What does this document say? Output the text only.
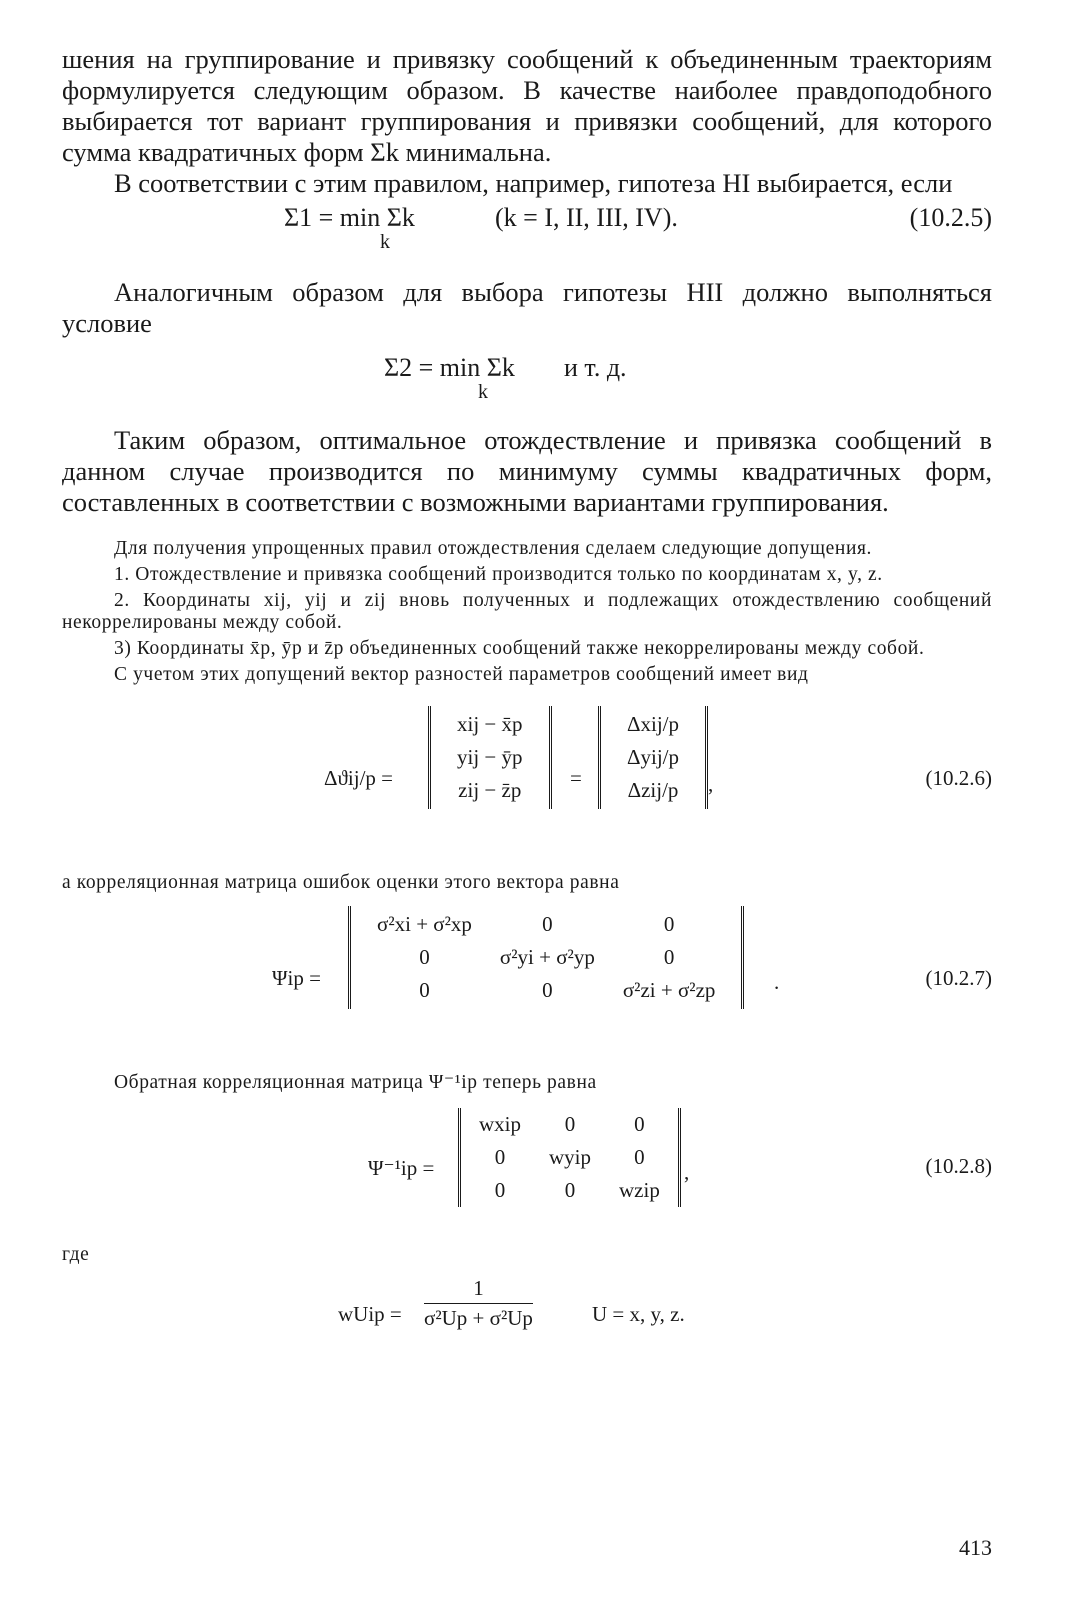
шения на группирование и привязку сообщений к объединенным траекториям формулируется следующим образом. В качестве наиболее правдоподобного выбирается тот вариант группирования и привязки сообщений, для которого сумма квадратичных форм Σk минимальна.

В соответствии с этим правилом, например, гипотеза HI выбирается, если

Σ1 = min Σk
k
(k = I, II, III, IV).	(10.2.5)

Аналогичным образом для выбора гипотезы HII должно выполняться условие

Σ2 = min Σk
k
и т. д.

Таким образом, оптимальное отождествление и привязка сообщений в данном случае производится по минимуму суммы квадратичных форм, составленных в соответствии с возможными вариантами группирования.

Для получения упрощенных правил отождествления сделаем следующие допущения.

1. Отождествление и привязка сообщений производится только по координатам x, y, z.

2. Координаты xij, yij и zij вновь полученных и подлежащих отождествлению сообщений некоррелированы между собой.

3) Координаты x̄p, ȳp и z̄p объединенных сообщений также некоррелированы между собой.

С учетом этих допущений вектор разностей параметров сообщений имеет вид

Δϑij/p =
xij − x̄p
yij − ȳp
zij − z̄p =
Δxij/p
Δyij/p
Δzij/p ,	(10.2.6)

а корреляционная матрица ошибок оценки этого вектора равна

Ψip =
σ²xi + σ²xp	0	0
0	σ²yi + σ²yp	0
0	0	σ²zi + σ²zp	.	(10.2.7)

Обратная корреляционная матрица Ψ⁻¹ip теперь равна

Ψ⁻¹ip =
wxip	0	0
0	wyip	0
0	0	wzip
,	(10.2.8)

где

wUip = $\frac{1}{\text{σ²Up + σ²Up}}$	U = x, y, z.
413
